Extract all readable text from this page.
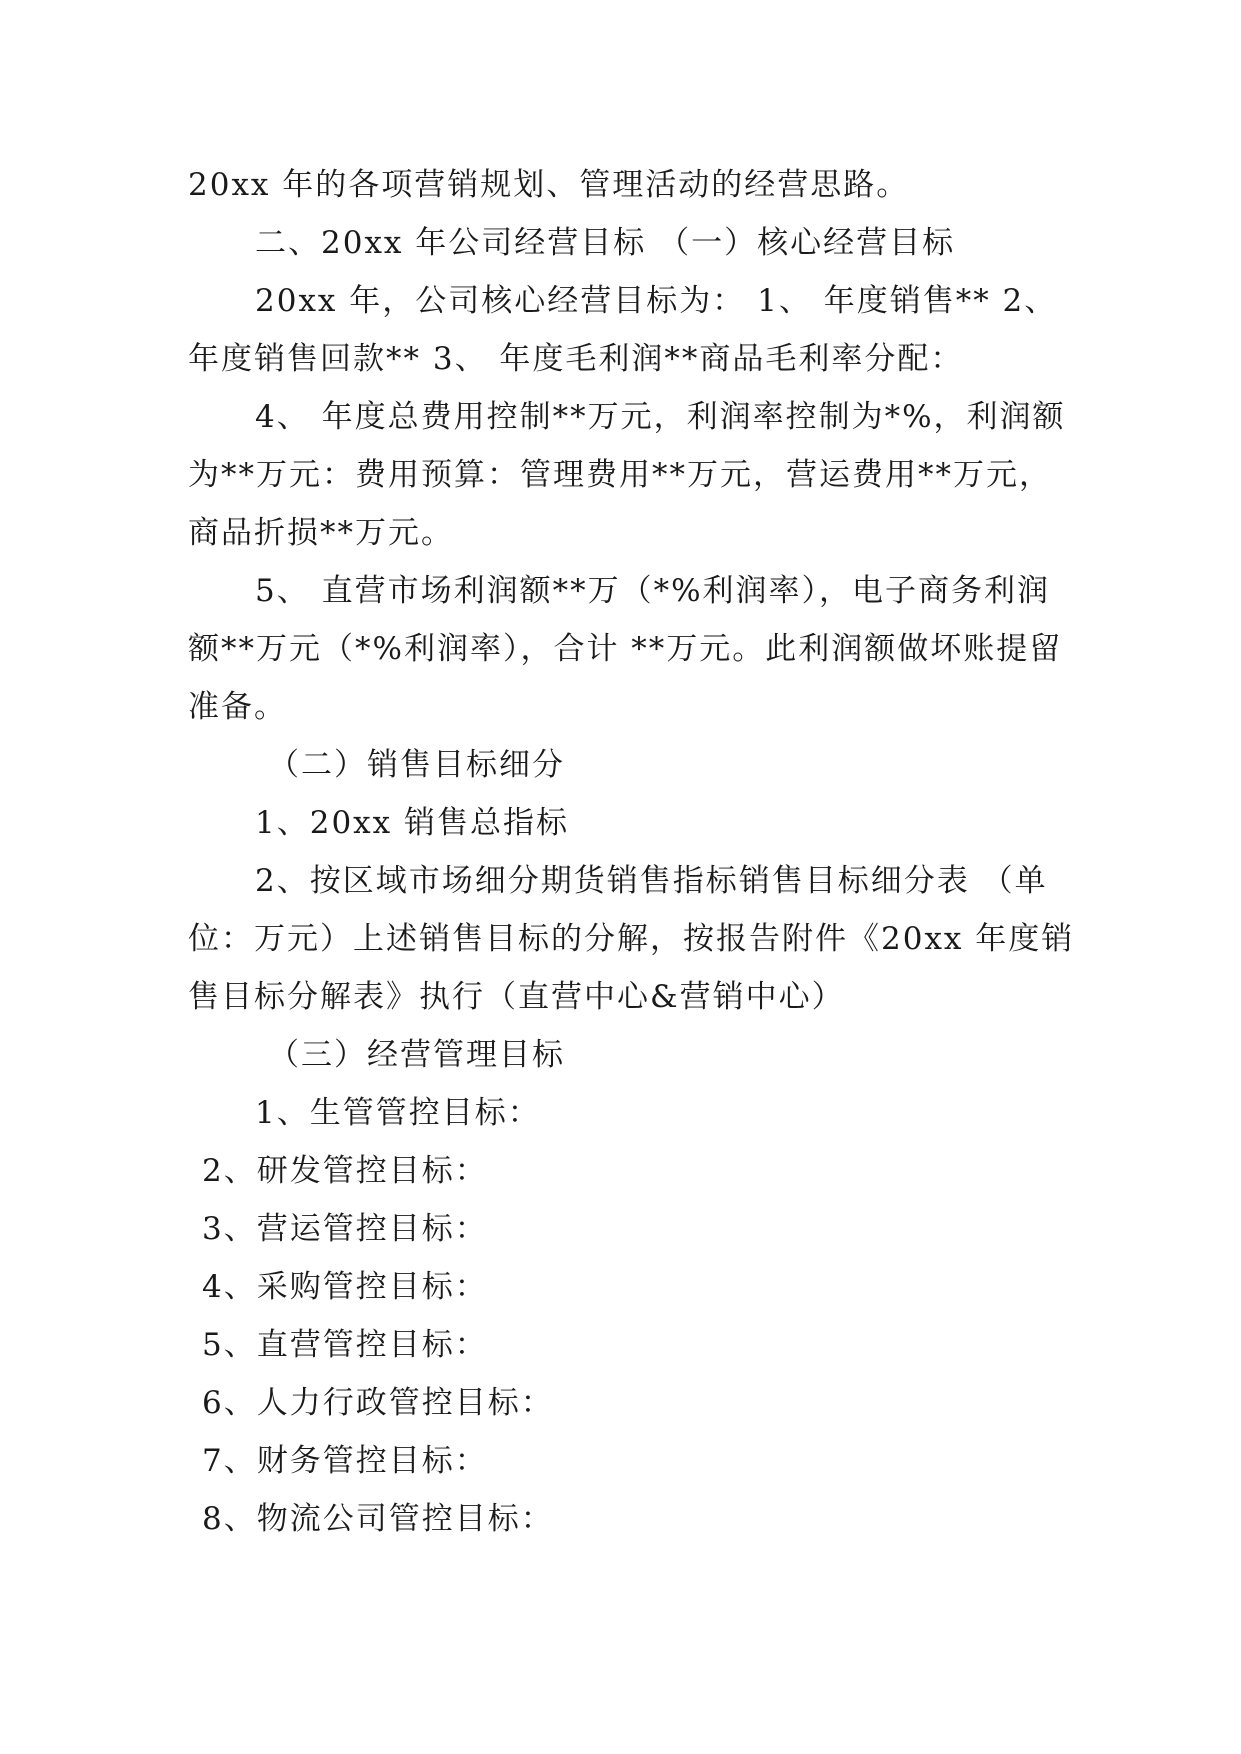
20xx 年的各项营销规划、管理活动的经营思路。
二、20xx 年公司经营目标 （一）核心经营目标
20xx 年，公司核心经营目标为： 1、 年度销售** 2、
年度销售回款** 3、 年度毛利润**商品毛利率分配：
4、 年度总费用控制**万元，利润率控制为*%，利润额
为**万元：费用预算：管理费用**万元，营运费用**万元，
商品折损**万元。
5、 直营市场利润额**万（*%利润率），电子商务利润
额**万元（*%利润率），合计 **万元。此利润额做坏账提留
准备。
（二）销售目标细分
1、20xx 销售总指标
2、按区域市场细分期货销售指标销售目标细分表 （单
位：万元）上述销售目标的分解，按报告附件《20xx 年度销
售目标分解表》执行（直营中心&营销中心）
（三）经营管理目标
1、生管管控目标：
2、研发管控目标：
3、营运管控目标：
4、采购管控目标：
5、直营管控目标：
6、人力行政管控目标：
7、财务管控目标：
8、物流公司管控目标：
